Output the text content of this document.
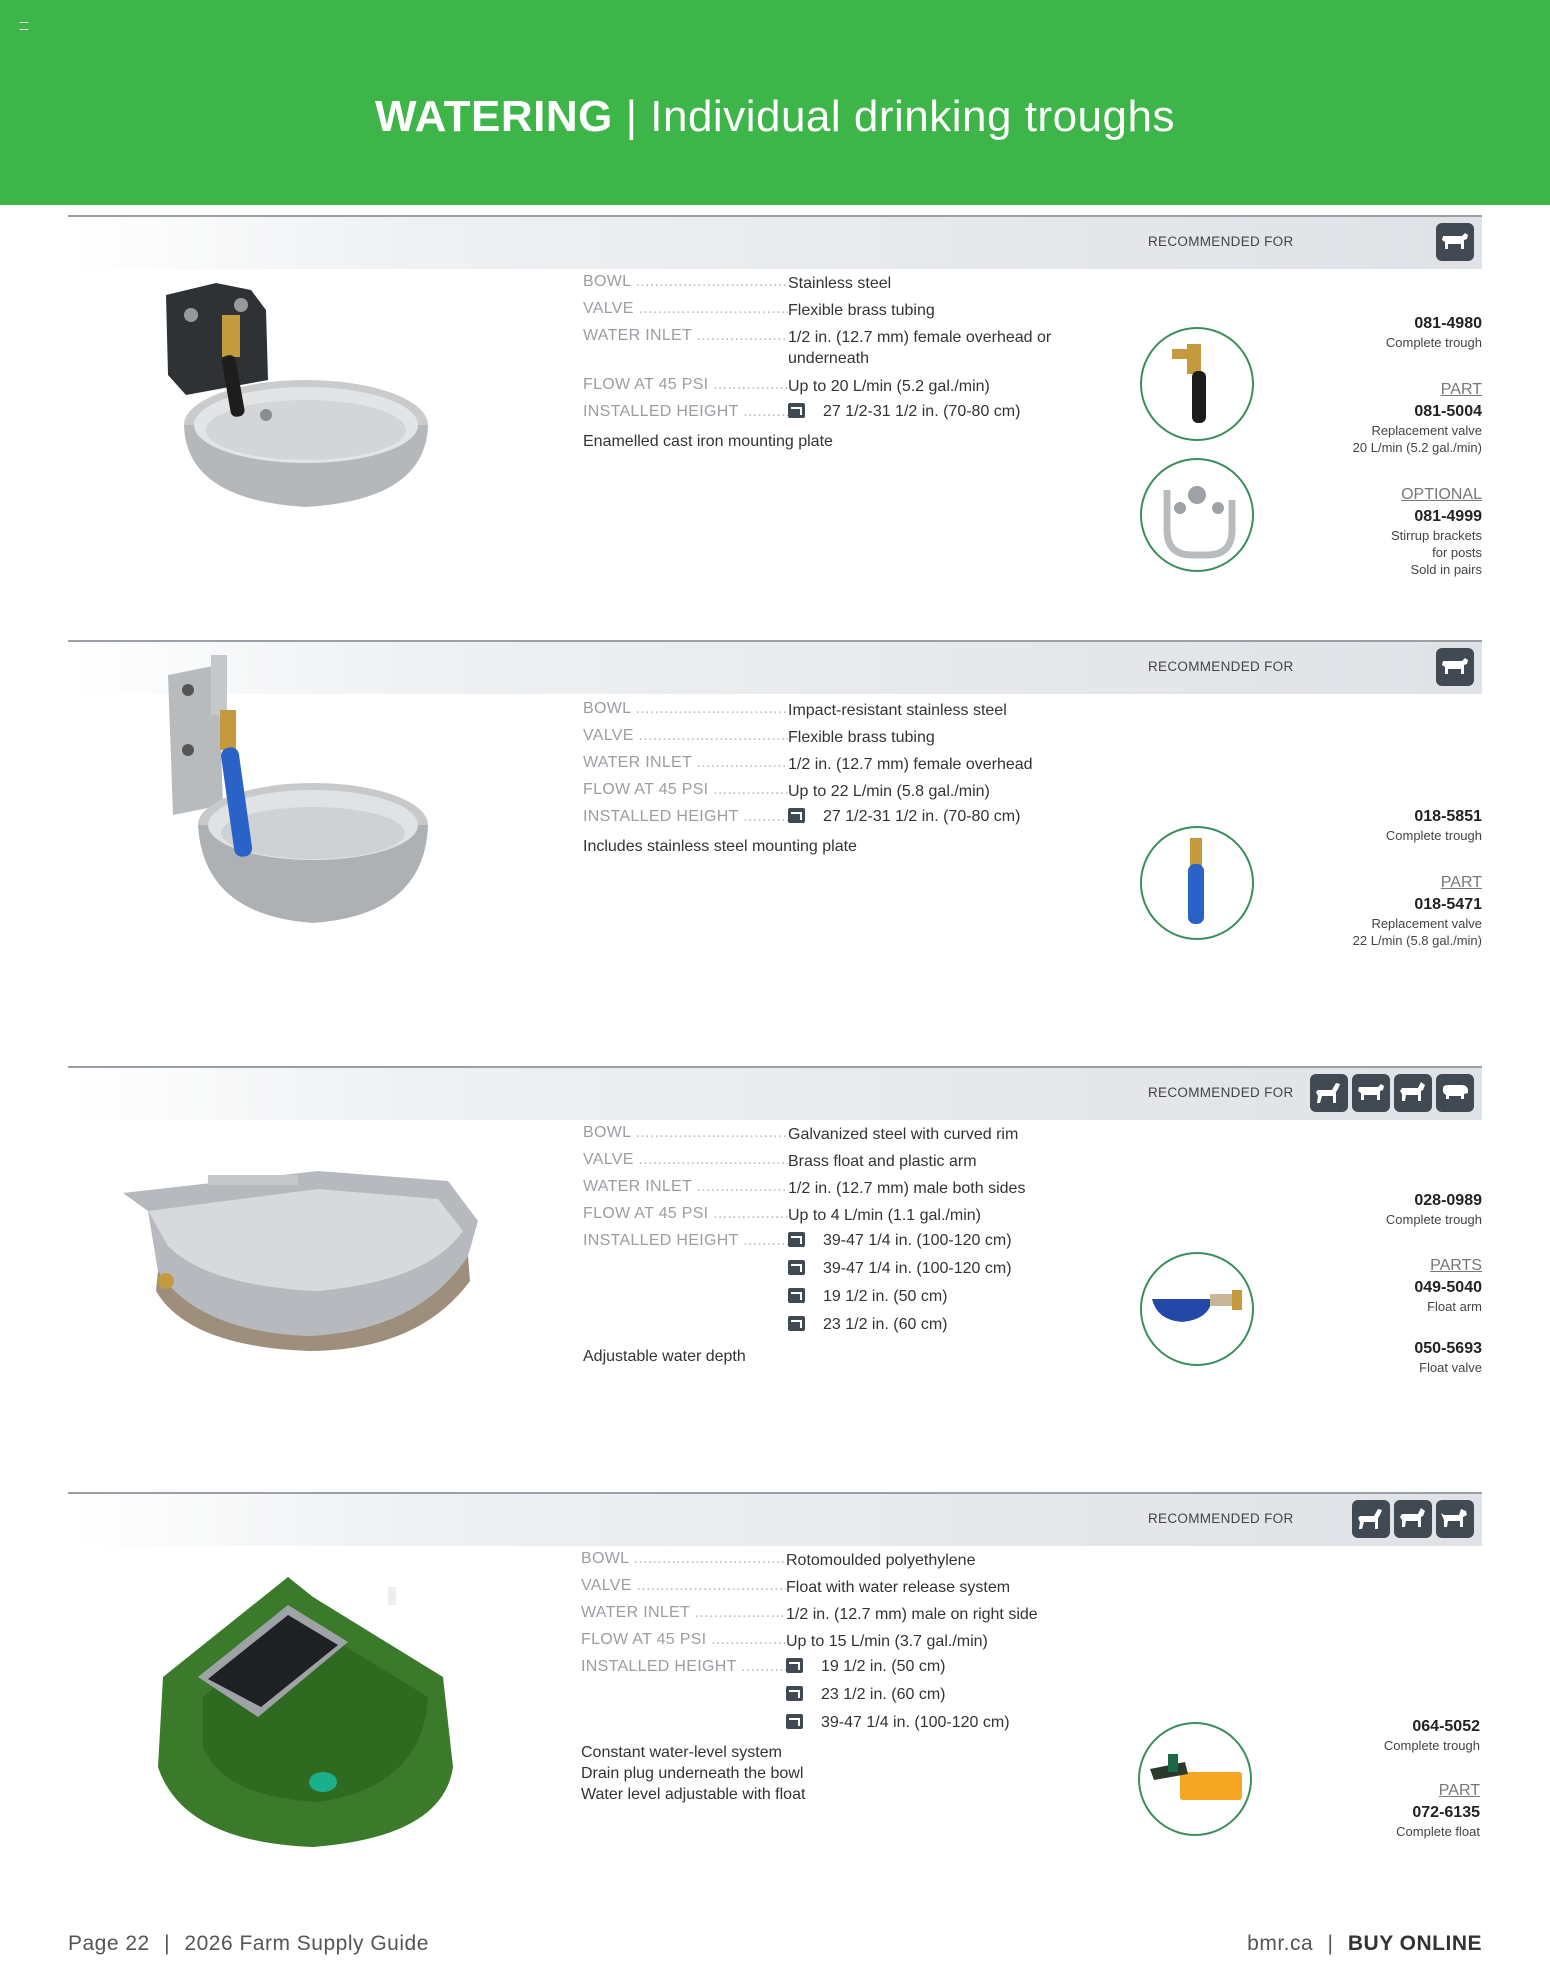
WATERING | Individual drinking troughs
RECOMMENDED FOR
BOWL .....	Stainless steel
VALVE .....	Flexible brass tubing
WATER INLET .....	1/2 in. (12.7 mm) female overhead or underneath
FLOW AT 45 PSI .....	Up to 20 L/min (5.2 gal./min)
INSTALLED HEIGHT .....	27 1/2-31 1/2 in. (70-80 cm)
Enamelled cast iron mounting plate
081-4980
Complete trough
PART
081-5004
Replacement valve
20 L/min (5.2 gal./min)
OPTIONAL
081-4999
Stirrup brackets
for posts
Sold in pairs
RECOMMENDED FOR
BOWL .....	Impact-resistant stainless steel
VALVE .....	Flexible brass tubing
WATER INLET .....	1/2 in. (12.7 mm) female overhead
FLOW AT 45 PSI .....	Up to 22 L/min (5.8 gal./min)
INSTALLED HEIGHT .....	27 1/2-31 1/2 in. (70-80 cm)
Includes stainless steel mounting plate
018-5851
Complete trough
PART
018-5471
Replacement valve
22 L/min (5.8 gal./min)
RECOMMENDED FOR
BOWL .....	Galvanized steel with curved rim
VALVE .....	Brass float and plastic arm
WATER INLET .....	1/2 in. (12.7 mm) male both sides
FLOW AT 45 PSI .....	Up to 4 L/min (1.1 gal./min)
INSTALLED HEIGHT .....	39-47 1/4 in. (100-120 cm)
39-47 1/4 in. (100-120 cm)
19 1/2 in. (50 cm)
23 1/2 in. (60 cm)
Adjustable water depth
028-0989
Complete trough
PARTS
049-5040
Float arm
050-5693
Float valve
RECOMMENDED FOR
BOWL .....	Rotomoulded polyethylene
VALVE .....	Float with water release system
WATER INLET .....	1/2 in. (12.7 mm) male on right side
FLOW AT 45 PSI .....	Up to 15 L/min (3.7 gal./min)
INSTALLED HEIGHT .....	19 1/2 in. (50 cm)
23 1/2 in. (60 cm)
39-47 1/4 in. (100-120 cm)
Constant water-level system
Drain plug underneath the bowl
Water level adjustable with float
064-5052
Complete trough
PART
072-6135
Complete float
Page 22 | 2026 Farm Supply Guide	bmr.ca | BUY ONLINE
